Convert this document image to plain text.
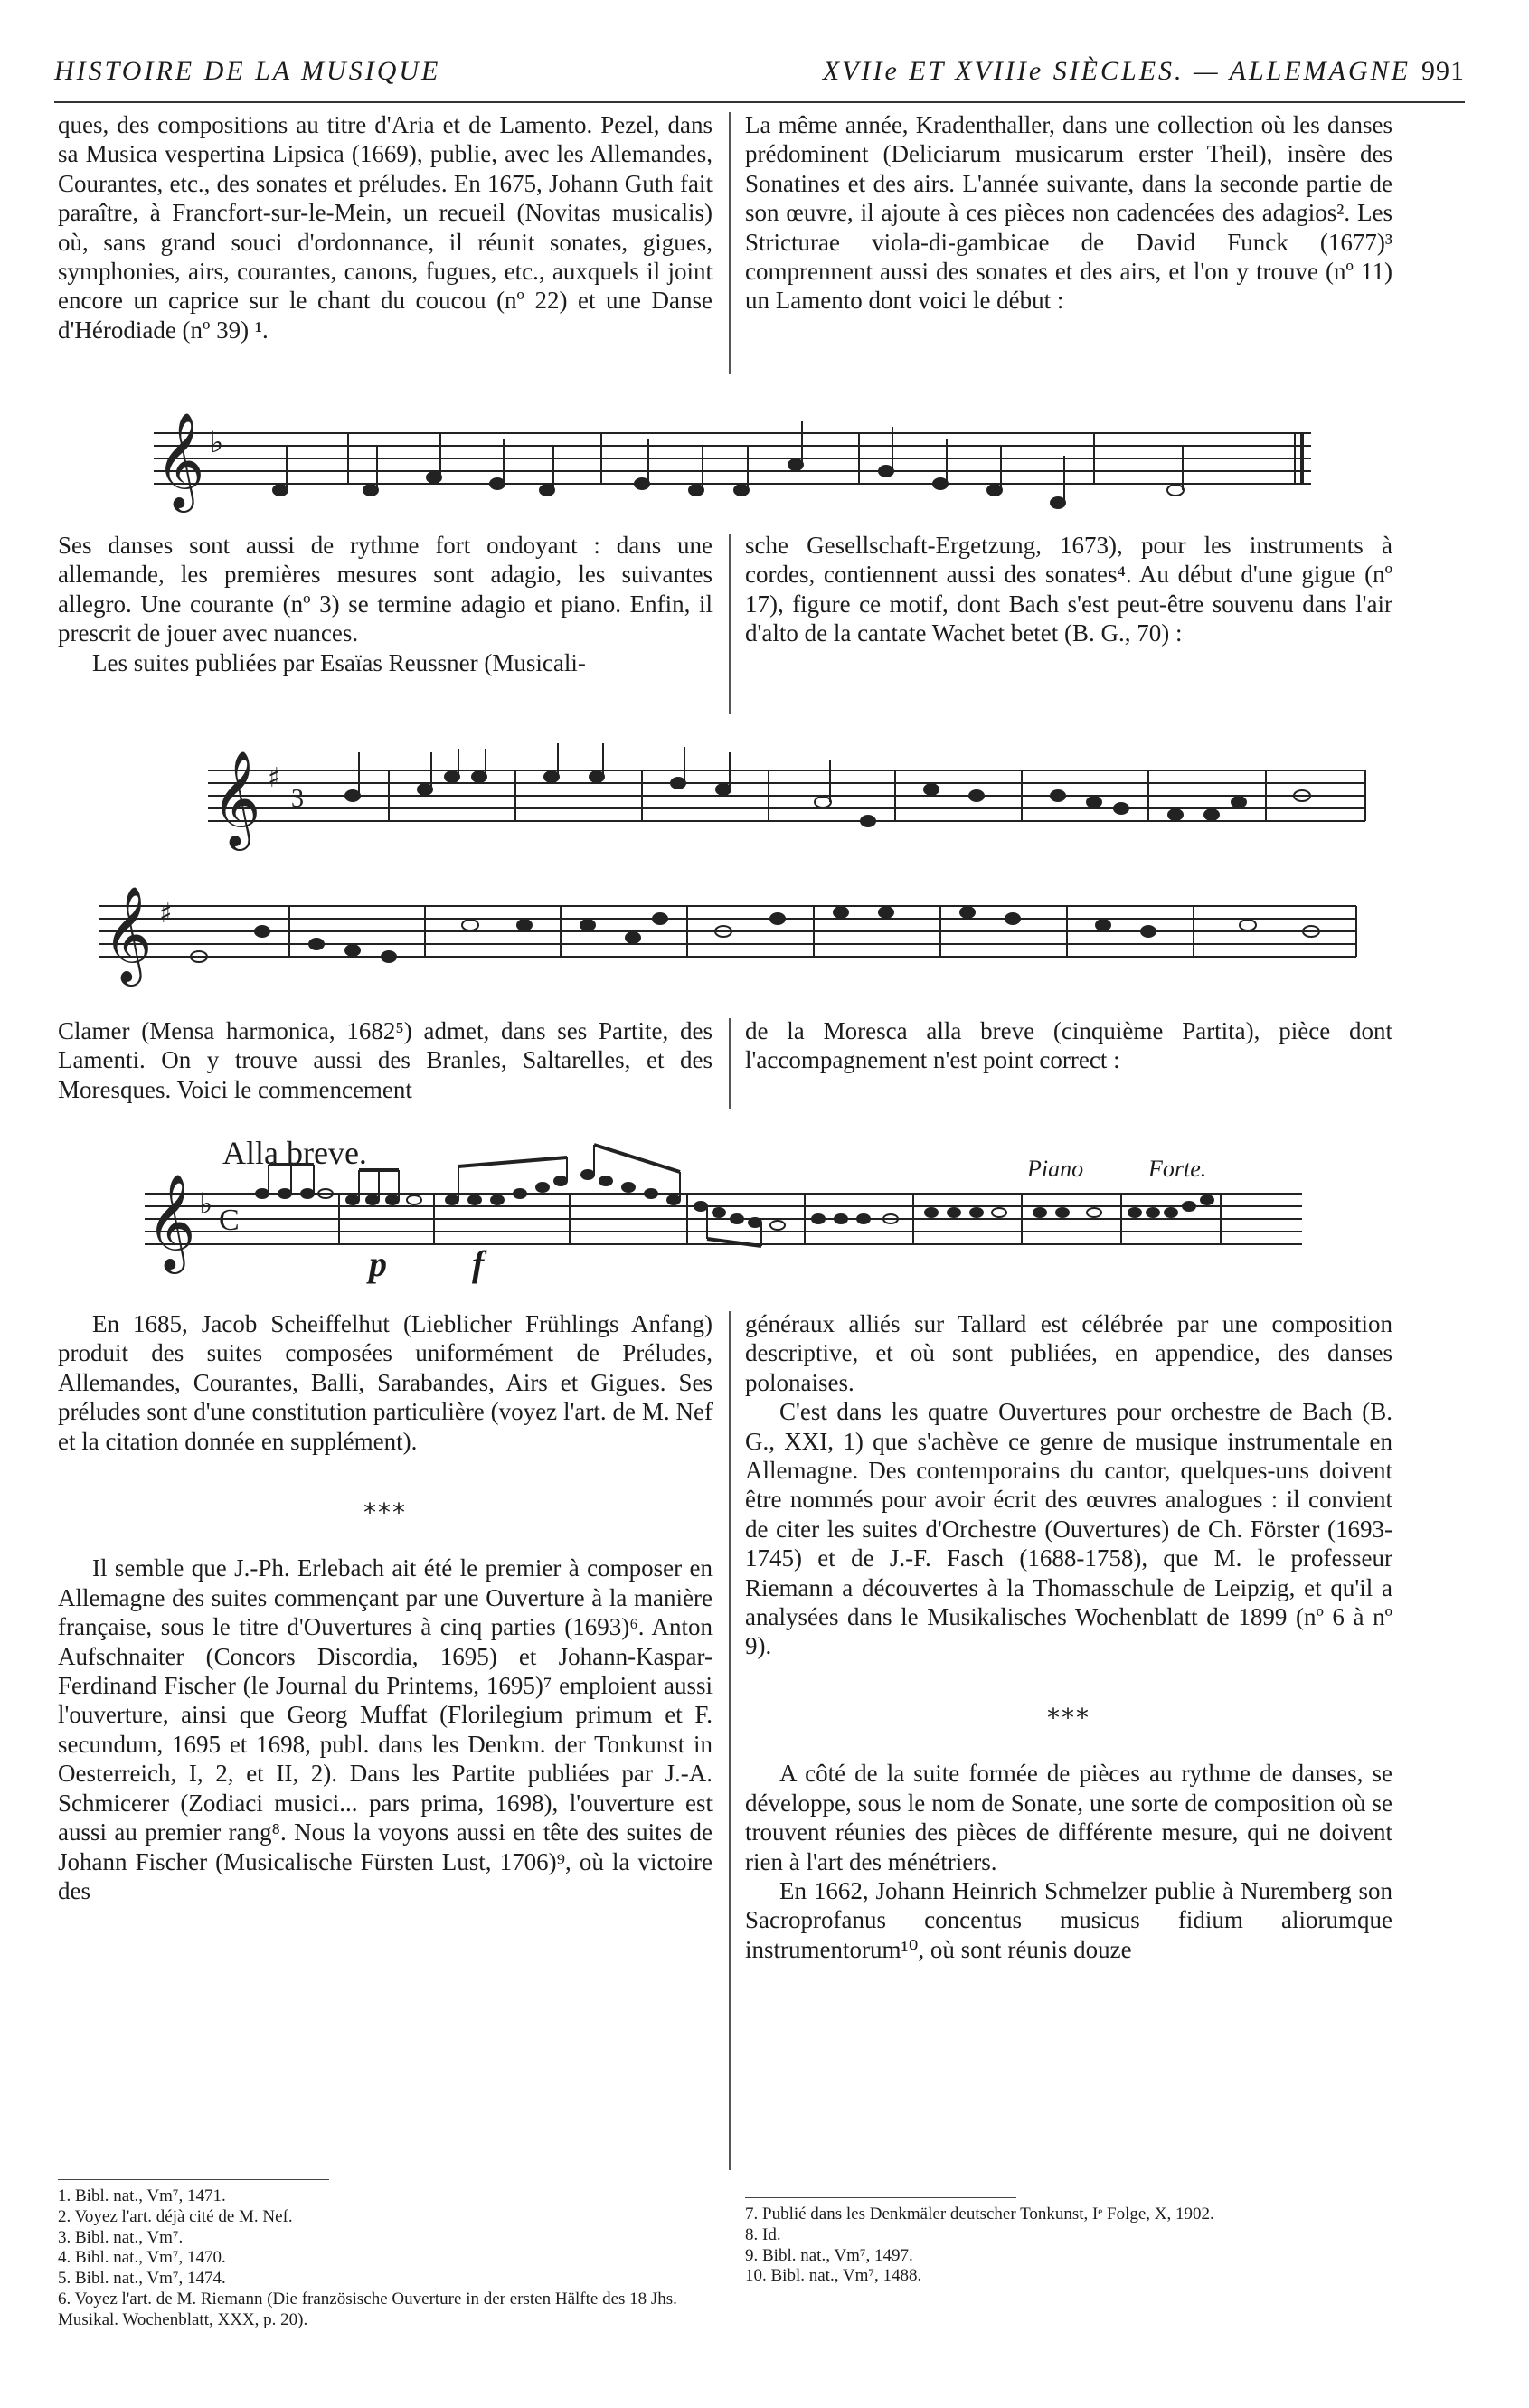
HISTOIRE DE LA MUSIQUE	XVIIe ET XVIIIe SIÈCLES. — ALLEMAGNE 991

ques, des compositions au titre d'Aria et de Lamento. Pezel, dans sa Musica vespertina Lipsica (1669), publie, avec les Allemandes, Courantes, etc., des sonates et préludes. En 1675, Johann Guth fait paraître, à Francfort-sur-le-Mein, un recueil (Novitas musicalis) où, sans grand souci d'ordonnance, il réunit sonates, gigues, symphonies, airs, courantes, canons, fugues, etc., auxquels il joint encore un caprice sur le chant du coucou (nº 22) et une Danse d'Hérodiade (nº 39) ¹.

La même année, Kradenthaller, dans une collection où les danses prédominent (Deliciarum musicarum erster Theil), insère des Sonatines et des airs. L'année suivante, dans la seconde partie de son œuvre, il ajoute à ces pièces non cadencées des adagios². Les Stricturae viola-di-gambicae de David Funck (1677)³ comprennent aussi des sonates et des airs, et l'on y trouve (nº 11) un Lamento dont voici le début :

𝄞 ♭

Ses danses sont aussi de rythme fort ondoyant : dans une allemande, les premières mesures sont adagio, les suivantes allegro. Une courante (nº 3) se termine adagio et piano. Enfin, il prescrit de jouer avec nuances.

Les suites publiées par Esaïas Reussner (Musicali-

sche Gesellschaft-Ergetzung, 1673), pour les instruments à cordes, contiennent aussi des sonates⁴. Au début d'une gigue (nº 17), figure ce motif, dont Bach s'est peut-être souvenu dans l'air d'alto de la cantate Wachet betet (B. G., 70) :

𝄞 ♯
3
𝄞 ♯

Clamer (Mensa harmonica, 1682⁵) admet, dans ses Partite, des Lamenti. On y trouve aussi des Branles, Saltarelles, et des Moresques. Voici le commencement

de la Moresca alla breve (cinquième Partita), pièce dont l'accompagnement n'est point correct :

Alla breve.	Piano	Forte.
p f
𝄞 ♭ C

En 1685, Jacob Scheiffelhut (Lieblicher Frühlings Anfang) produit des suites composées uniformément de Préludes, Allemandes, Courantes, Balli, Sarabandes, Airs et Gigues. Ses préludes sont d'une constitution particulière (voyez l'art. de M. Nef et la citation donnée en supplément).

⁎⁎⁎

Il semble que J.-Ph. Erlebach ait été le premier à composer en Allemagne des suites commençant par une Ouverture à la manière française, sous le titre d'Ouvertures à cinq parties (1693)⁶. Anton Aufschnaiter (Concors Discordia, 1695) et Johann-Kaspar-Ferdinand Fischer (le Journal du Printems, 1695)⁷ emploient aussi l'ouverture, ainsi que Georg Muffat (Florilegium primum et F. secundum, 1695 et 1698, publ. dans les Denkm. der Tonkunst in Oesterreich, I, 2, et II, 2). Dans les Partite publiées par J.-A. Schmicerer (Zodiaci musici... pars prima, 1698), l'ouverture est aussi au premier rang⁸. Nous la voyons aussi en tête des suites de Johann Fischer (Musicalische Fürsten Lust, 1706)⁹, où la victoire des

généraux alliés sur Tallard est célébrée par une composition descriptive, et où sont publiées, en appendice, des danses polonaises.

C'est dans les quatre Ouvertures pour orchestre de Bach (B. G., XXI, 1) que s'achève ce genre de musique instrumentale en Allemagne. Des contemporains du cantor, quelques-uns doivent être nommés pour avoir écrit des œuvres analogues : il convient de citer les suites d'Orchestre (Ouvertures) de Ch. Förster (1693-1745) et de J.-F. Fasch (1688-1758), que M. le professeur Riemann a découvertes à la Thomasschule de Leipzig, et qu'il a analysées dans le Musikalisches Wochenblatt de 1899 (nº 6 à nº 9).

⁎⁎⁎

A côté de la suite formée de pièces au rythme de danses, se développe, sous le nom de Sonate, une sorte de composition où se trouvent réunies des pièces de différente mesure, qui ne doivent rien à l'art des ménétriers.

En 1662, Johann Heinrich Schmelzer publie à Nuremberg son Sacroprofanus concentus musicus fidium aliorumque instrumentorum¹⁰, où sont réunis douze

1. Bibl. nat., Vm⁷, 1471.

2. Voyez l'art. déjà cité de M. Nef.

3. Bibl. nat., Vm⁷.

4. Bibl. nat., Vm⁷, 1470.

5. Bibl. nat., Vm⁷, 1474.

6. Voyez l'art. de M. Riemann (Die französische Ouverture in der ersten Hälfte des 18 Jhs. Musikal. Wochenblatt, XXX, p. 20).

7. Publié dans les Denkmäler deutscher Tonkunst, Iᵉ Folge, X, 1902.

8. Id.

9. Bibl. nat., Vm⁷, 1497.

10. Bibl. nat., Vm⁷, 1488.
